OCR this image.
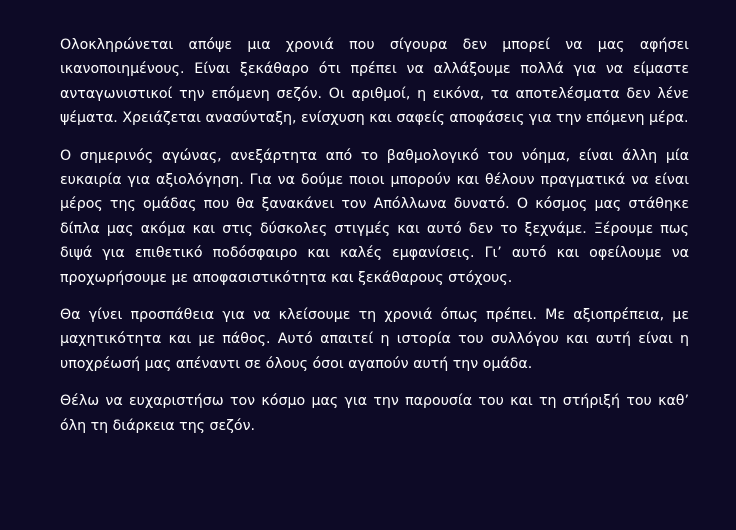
Ολοκληρώνεται απόψε μια χρονιά που σίγουρα δεν μπορεί να μας αφήσει ικανοποιημένους. Είναι ξεκάθαρο ότι πρέπει να αλλάξουμε πολλά για να είμαστε ανταγωνιστικοί την επόμενη σεζόν. Οι αριθμοί, η εικόνα, τα αποτελέσματα δεν λένε ψέματα. Χρειάζεται ανασύνταξη, ενίσχυση και σαφείς αποφάσεις για την επόμενη μέρα.

Ο σημερινός αγώνας, ανεξάρτητα από το βαθμολογικό του νόημα, είναι άλλη μία ευκαιρία για αξιολόγηση. Για να δούμε ποιοι μπορούν και θέλουν πραγματικά να είναι μέρος της ομάδας που θα ξανακάνει τον Απόλλωνα δυνατό. Ο κόσμος μας στάθηκε δίπλα μας ακόμα και στις δύσκολες στιγμές και αυτό δεν το ξεχνάμε. Ξέρουμε πως διψά για επιθετικό ποδόσφαιρο και καλές εμφανίσεις. Γι’ αυτό και οφείλουμε να προχωρήσουμε με αποφασιστικότητα και ξεκάθαρους στόχους.

Θα γίνει προσπάθεια για να κλείσουμε τη χρονιά όπως πρέπει. Με αξιοπρέπεια, με μαχητικότητα και με πάθος. Αυτό απαιτεί η ιστορία του συλλόγου και αυτή είναι η υποχρέωσή μας απέναντι σε όλους όσοι αγαπούν αυτή την ομάδα.

Θέλω να ευχαριστήσω τον κόσμο μας για την παρουσία του και τη στήριξή του καθ’ όλη τη διάρκεια της σεζόν.
